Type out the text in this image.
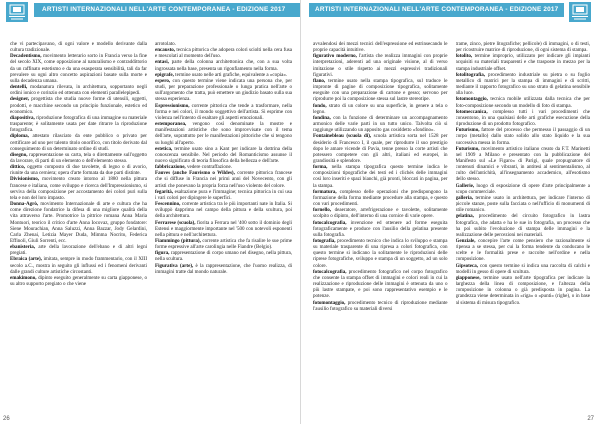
ARTISTI INTERNAZIONALI NELL'ARTE CONTEMPORANEA - EDIZIONE 2017

che vi partecipavano, di ogni valore e modello derivante dalla cultura tradizionale.

Decadentismo, movimento letterario sorto in Francia verso la fine del secolo XIX, come opposizione al naturalismo e contraddittorio da un raffinato estetismo e da una esasperata sensibilità, tali da far prevalere su ogni altro concetto aspirazioni basate sulla morte e sulla decadenza umana.

dentelli, modanatura rilevata, in architettura, sopportanto negli ordini ionico e corinzio ed ottenuta con elementi parallelepipedi.

designer, progettista che studia nuove forme di utensili, oggetti, prodotti, e macchine secondo un principio funzionale, estetico ed economico.

diapositiva, riproduzione fotografica di una immagine su materiale trasparente; è solitamente usata per date ritrarre la riproduzione fotografica.

diploma, attestato rilasciato da ente pubblico o privato per certificare ad uno per talento titolo onorifico, con titolo derivato dal conseguimento di un determinato ordine di studi.

disegno, rappresentazione su carta, tela o direttamente sull'oggetto da lavorare, di parti di un elemento o dell'elemento stesso.

dittico, oggetto composto di due tavolette, di legno o di avorio, riunite da una cerniera; opera d'arte formata da due parti distinte.

Divisionismo, movimento creato intorno al 1880 nella pittura francese e italiana, come sviluppo e ricerca dell'Impressionismo, si serviva della composizione per accostamento dei colori puri sulla tela e non del loro impasto.

Donna-Agrò, movimento Internazionale di arte e cultura che ha come direzione fondatrice la difesa di una migliore qualità della vita attraverso l'arte. Promotrice la pittrice romana Anna Maria Montuori, teorico il critico d'arte Anna Iocovaz, gruppo fondatore: Siene Mourachian, Anna Saluzzi, Anna Bazzar, Jody Gelardini, Carla Zhenai, Letizia Mayer Duda, Mimma Nocrito, Federica Effinoli, Giuli Sorrenti, ecc.

ebanisteria, arte della lavorazione dell'ebano e di altri legni pregiati.

Ebraica (arte), imitata, sempre in modo frammentario, con il XIII secolo a.C., mostra in seguito gli influssi ed i fenomeni derivanti dalle grandi culture artistiche circostanti.

emakimono, dipinto eseguito generalmente su carta giapponese, o su altro supporto pregiato o che viene

arrotolato.

encausto, tecnica pittorica che adopera colori sciolti nella cera fusa e mescolati al momento dell'uso.

entasi, parte della colonna architettonica che, con a sua volta ingrossata nella base, presenta un rigonfiamento nella forma.

epigrafe, termine usato nelle arti grafiche, equivalente a «copia».

espero, con questo termine viene indicata una persona che, per studi, per preparazione professionale o lunga pratica nell'arte o sull'argomento che tratta, può emettere un giudizio basato sulla sua stessa esperienza.

Espressionismo, corrente pittorica che tende a trasformare, nella forma e nei colori, il mondo soggettivo dell'artista. Si esprime con violenza nell'intento di esaltare gli aspetti emozionali.

estemporanea, vengono così denominate la mostre e manifestazioni artistiche che sono improvvisate con il tema dell'arte, soprattutto per le manifestazioni pittoriche che si tengono su luoghi all'aperto.

estetica, termine usato sino a Kant per indicare la dottrina della conoscenza sensibile. Nel periodo del Romanticismo assunse il nuovo significato di teoria filosofica della bellezza e dell'arte.

fabbricazione, vedere contraffazione.

Fauves (anche Fauvismo o Wildes), corrente pittorica francese che si diffuse in Francia nei primi anni del Novecento, con gli artisti che ponevano la propria forza nell'uso violento del colore.

fegarità, esaltazione pura e l'immagine; tecnica pittorica in cui usa i vari colori per dipingere le superfici.

Fescennino, corrente artistica tra le più importanti nate in Italia. Si sviluppò dapprima nel campo della pittura e della scultura, poi della architettura.

Ferrarese (scuola), fiorita a Ferrara nel '400 sotto il dominio degli Estensi e maggiormente importante nel '500 con notevoli esponenti nella pittura e nell'architettura.

Fiammingo (pittura), corrente artistica che fa risalire le sue prime forme espressive all'arte carolingia nelle Fiandre (Belgio).

figura, rappresentazione di corpo umano nel disegno, nella pittura, nella scultura.

Figurativa (arte), è la rappresentazione, che l'uomo realizza, di immagini tratte dal mondo naturale.

26
ARTISTI INTERNAZIONALI NELL'ARTE CONTEMPORANEA - EDIZIONE 2017

avvalendosi dei mezzi tecnici dell'espressione ed estrinsecando le proprie capacità intuitive.

figurativo moderno, l'artista che realizza immagini con proprie interpretazioni, aderenti ad una originale visione, al di verso imitazione o stile rispetto ai mezzi espressivi tradizionali figurativi.

flano, termine usato nella stampa tipografica, sul traduce le impronte di pagine di composizione tipografica, solitamente eseguite con una preparazione di cartone e gesso; servono per riprodurre poi la composizione stessa sul lastre stereotipe.

fondo, strato di un colore su una superficie, in genere a tela o legno.

fondina, con la funzione di determinare un accompagnamento armonico delle varie parti in un tutto unico. Talvolta ciò si raggiunge utilizzando un apposito gas cosiddetto «fondino».

Fontainebleau (scuola di), scuola artistica sorta nel 1528 per desiderio di Francesco I, il quale, per riprodurre il suo prestigio dopo le amare vicende di Pavia, tenne presso la corte artisti che potessero competere con gli altri, italiani ed europei, in grandiosità e splendore.

forma, nella stampa tipografica questo termine indica le composizioni tipografiche dei testi ed i clichés delle immagini così loro inseriti e spazi bianchi, già pronti, bloccati in pagina, per la stampa.

formatura, complesso delle operazioni che predispongono la formazione della forma mediante procedure alla stampa, e questo con vari procedimenti.

fornello, deaeratore, arrefrigerazione e tavolette, solitamente scolpito o dipinto, dell'interno di una cornice di varie opere.

fotocalcografia, invenzione ed ottenere ad forme eseguita fotograficamente e produce con l'ausilio della gelatina presente sulla fotografia.

fotografia, procedimento tecnico che indica lo sviluppo e stampa su materiale trasparente di una ripresa a colori fotografica, con questo termine si indicano la solitamente le riproduzioni delle riprese fotografiche, sviluppo e stampa di un soggetto, ad un solo colore.

fotocalcografia, procedimento fotografico nel corpo fotografico che consente la stampa offset di immagini e colori reali in cui la realizzazione e riproduzione delle immagini è ottenuta da uno o più lastre stampate, e poi sono rappresentativo esempio e le potenze.

fotomontaggio, procedimento tecnico di riproduzione mediante l'ausilio fotografico su materiali diversi

trame, zinco, pietre litografiche; pellicole) di immagini, o di testi, per ricostruire matrice di riproduzione, di ogni sistema di stampa.

fotolito, termine improprio, utilizzato per indicare gli impianti acquisiti su materiali trasparenti e che trasposte in mezzo per la stampa industriale offset.

fotolitografia, procedimento industriale su pietra o su foglio metallico di matrici per la stampa di immagini e di scritti, mediante il rapporto fotografico su uno strato di gelatina sensibile alla luce.

fotomontaggio, tecnica mobile utilizzata dalla tecnica che per foto-composizione secondo un modello di foto di stampa.

fotomeccanica, complesso tutti i vari procedimenti che consentono, in una qualsiasi delle arti grafiche esecuzione della riproduzione di un prodotto fotografico.

Futurismo, fattore del processo che permesso il passaggio di un corpo (metallo) dallo stato solido allo stato liquido e la sua successiva messa in forma.

Futurismo, movimento artistico italiano creato da F.T. Marinetti nel 1909 a Milano e presentato con la pubblicazione del Manifesto sul «Le Figaro» di Parigi, quale propugnatore di contenuti dinamici e vibranti, in antitesi al sentimentalismo, al culto dell'antichità, all'insegnamento accademico, all'esotismo dello stesso.

Gallerie, luogo di esposizione di opere d'arte principalmente a scopo commerciale.

galleria, termine usato in architettura, per indicare l'interno di piccole stanze, poste sulla facciata o nell'ufficio di monumenti di stile romanico.

gelatina, procedimento del circuito fotografico in lastra fotografica, che adatta e ha le sue in fotografia, un processo che ha poi subito l'evoluzione di stampa delle immagini e la realizzazione delle percezioni nei materiali.

Genziale, concepire l'arte come pensiero che razionalmente si ripensa a se stessa, per cui la forma tendente da conducano le scelte e le formalità prese e raccolte nell'ordine e nella composizione.

Gipsoteca, con questo termine si indica una raccolta di calchi e modelli in gesso di opere di scultura.

giapponese, termine usato nell'arte tipografica per indicare la larghezza della linea di composizione, e l'altezza della composizione in colonna o già predisposta in pagina. La grandezza viene determinata in «riga» o «punti» (righe), o in base al sistema di misura tipografico.

27
